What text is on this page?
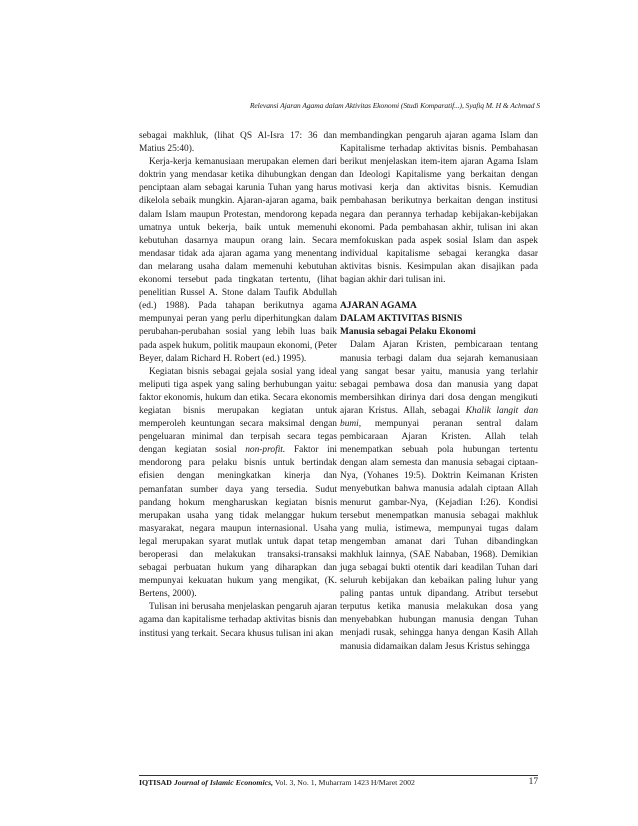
Relevansi Ajaran Agama dalam Aktivitas Ekonomi (Studi Komparatif...), Syafiq M. H & Achmad S

sebagai makhluk, (lihat QS Al-Isra 17: 36 dan Matius 25:40).

Kerja-kerja kemanusiaan merupakan elemen dari doktrin yang mendasar ketika dihubungkan dengan penciptaan alam sebagai karunia Tuhan yang harus dikelola sebaik mungkin. Ajaran-ajaran agama, baik dalam Islam maupun Protestan, mendorong kepada umatnya untuk bekerja, baik untuk memenuhi kebutuhan dasarnya maupun orang lain. Secara mendasar tidak ada ajaran agama yang menentang dan melarang usaha dalam memenuhi kebutuhan ekonomi tersebut pada tingkatan tertentu, (lihat penelitian Russel A. Stone dalam Taufik Abdullah (ed.) 1988). Pada tahapan berikutnya agama mempunyai peran yang perlu diperhitungkan dalam perubahan-perubahan sosial yang lebih luas baik pada aspek hukum, politik maupaun ekonomi, (Peter Beyer, dalam Richard H. Robert (ed.) 1995).

Kegiatan bisnis sebagai gejala sosial yang ideal meliputi tiga aspek yang saling berhubungan yaitu: faktor ekonomis, hukum dan etika. Secara ekonomis kegiatan bisnis merupakan kegiatan untuk memperoleh keuntungan secara maksimal dengan pengeluaran minimal dan terpisah secara tegas dengan kegiatan sosial non-profit. Faktor ini mendorong para pelaku bisnis untuk bertindak efisien dengan meningkatkan kinerja dan pemanfatan sumber daya yang tersedia. Sudut pandang hokum mengharuskan kegiatan bisnis merupakan usaha yang tidak melanggar hukum masyarakat, negara maupun internasional. Usaha legal merupakan syarat mutlak untuk dapat tetap beroperasi dan melakukan transaksi-transaksi sebagai perbuatan hukum yang diharapkan dan mempunyai kekuatan hukum yang mengikat, (K. Bertens, 2000).

Tulisan ini berusaha menjelaskan pengaruh ajaran agama dan kapitalisme terhadap aktivitas bisnis dan institusi yang terkait. Secara khusus tulisan ini akan

membandingkan pengaruh ajaran agama Islam dan Kapitalisme terhadap aktivitas bisnis. Pembahasan berikut menjelaskan item-item ajaran Agama Islam dan Ideologi Kapitalisme yang berkaitan dengan motivasi kerja dan aktivitas bisnis. Kemudian pembahasan berikutnya berkaitan dengan institusi negara dan perannya terhadap kebijakan-kebijakan ekonomi. Pada pembahasan akhir, tulisan ini akan memfokuskan pada aspek sosial Islam dan aspek individual kapitalisme sebagai kerangka dasar aktivitas bisnis. Kesimpulan akan disajikan pada bagian akhir dari tulisan ini.

AJARAN AGAMA

DALAM AKTIVITAS BISNIS

Manusia sebagai Pelaku Ekonomi

Dalam Ajaran Kristen, pembicaraan tentang manusia terbagi dalam dua sejarah kemanusiaan yang sangat besar yaitu, manusia yang terlahir sebagai pembawa dosa dan manusia yang dapat membersihkan dirinya dari dosa dengan mengikuti ajaran Kristus. Allah, sebagai Khalik langit dan bumi, mempunyai peranan sentral dalam pembicaraan Ajaran Kristen. Allah telah menempatkan sebuah pola hubungan tertentu dengan alam semesta dan manusia sebagai ciptaan-Nya, (Yohanes 19:5). Doktrin Keimanan Kristen menyebutkan bahwa manusia adalah ciptaan Allah menurut gambar-Nya, (Kejadian I:26). Kondisi tersebut menempatkan manusia sebagai makhluk yang mulia, istimewa, mempunyai tugas dalam mengemban amanat dari Tuhan dibandingkan makhluk lainnya, (SAE Nababan, 1968). Demikian juga sebagai bukti otentik dari keadilan Tuhan dari seluruh kebijakan dan kebaikan paling luhur yang paling pantas untuk dipandang. Atribut tersebut terputus ketika manusia melakukan dosa yang menyebabkan hubungan manusia dengan Tuhan menjadi rusak, sehingga hanya dengan Kasih Allah manusia didamaikan dalam Jesus Kristus sehingga

IQTISAD Journal of Islamic Economics, Vol. 3, No. 1, Muharram 1423 H/Maret 2002	17
